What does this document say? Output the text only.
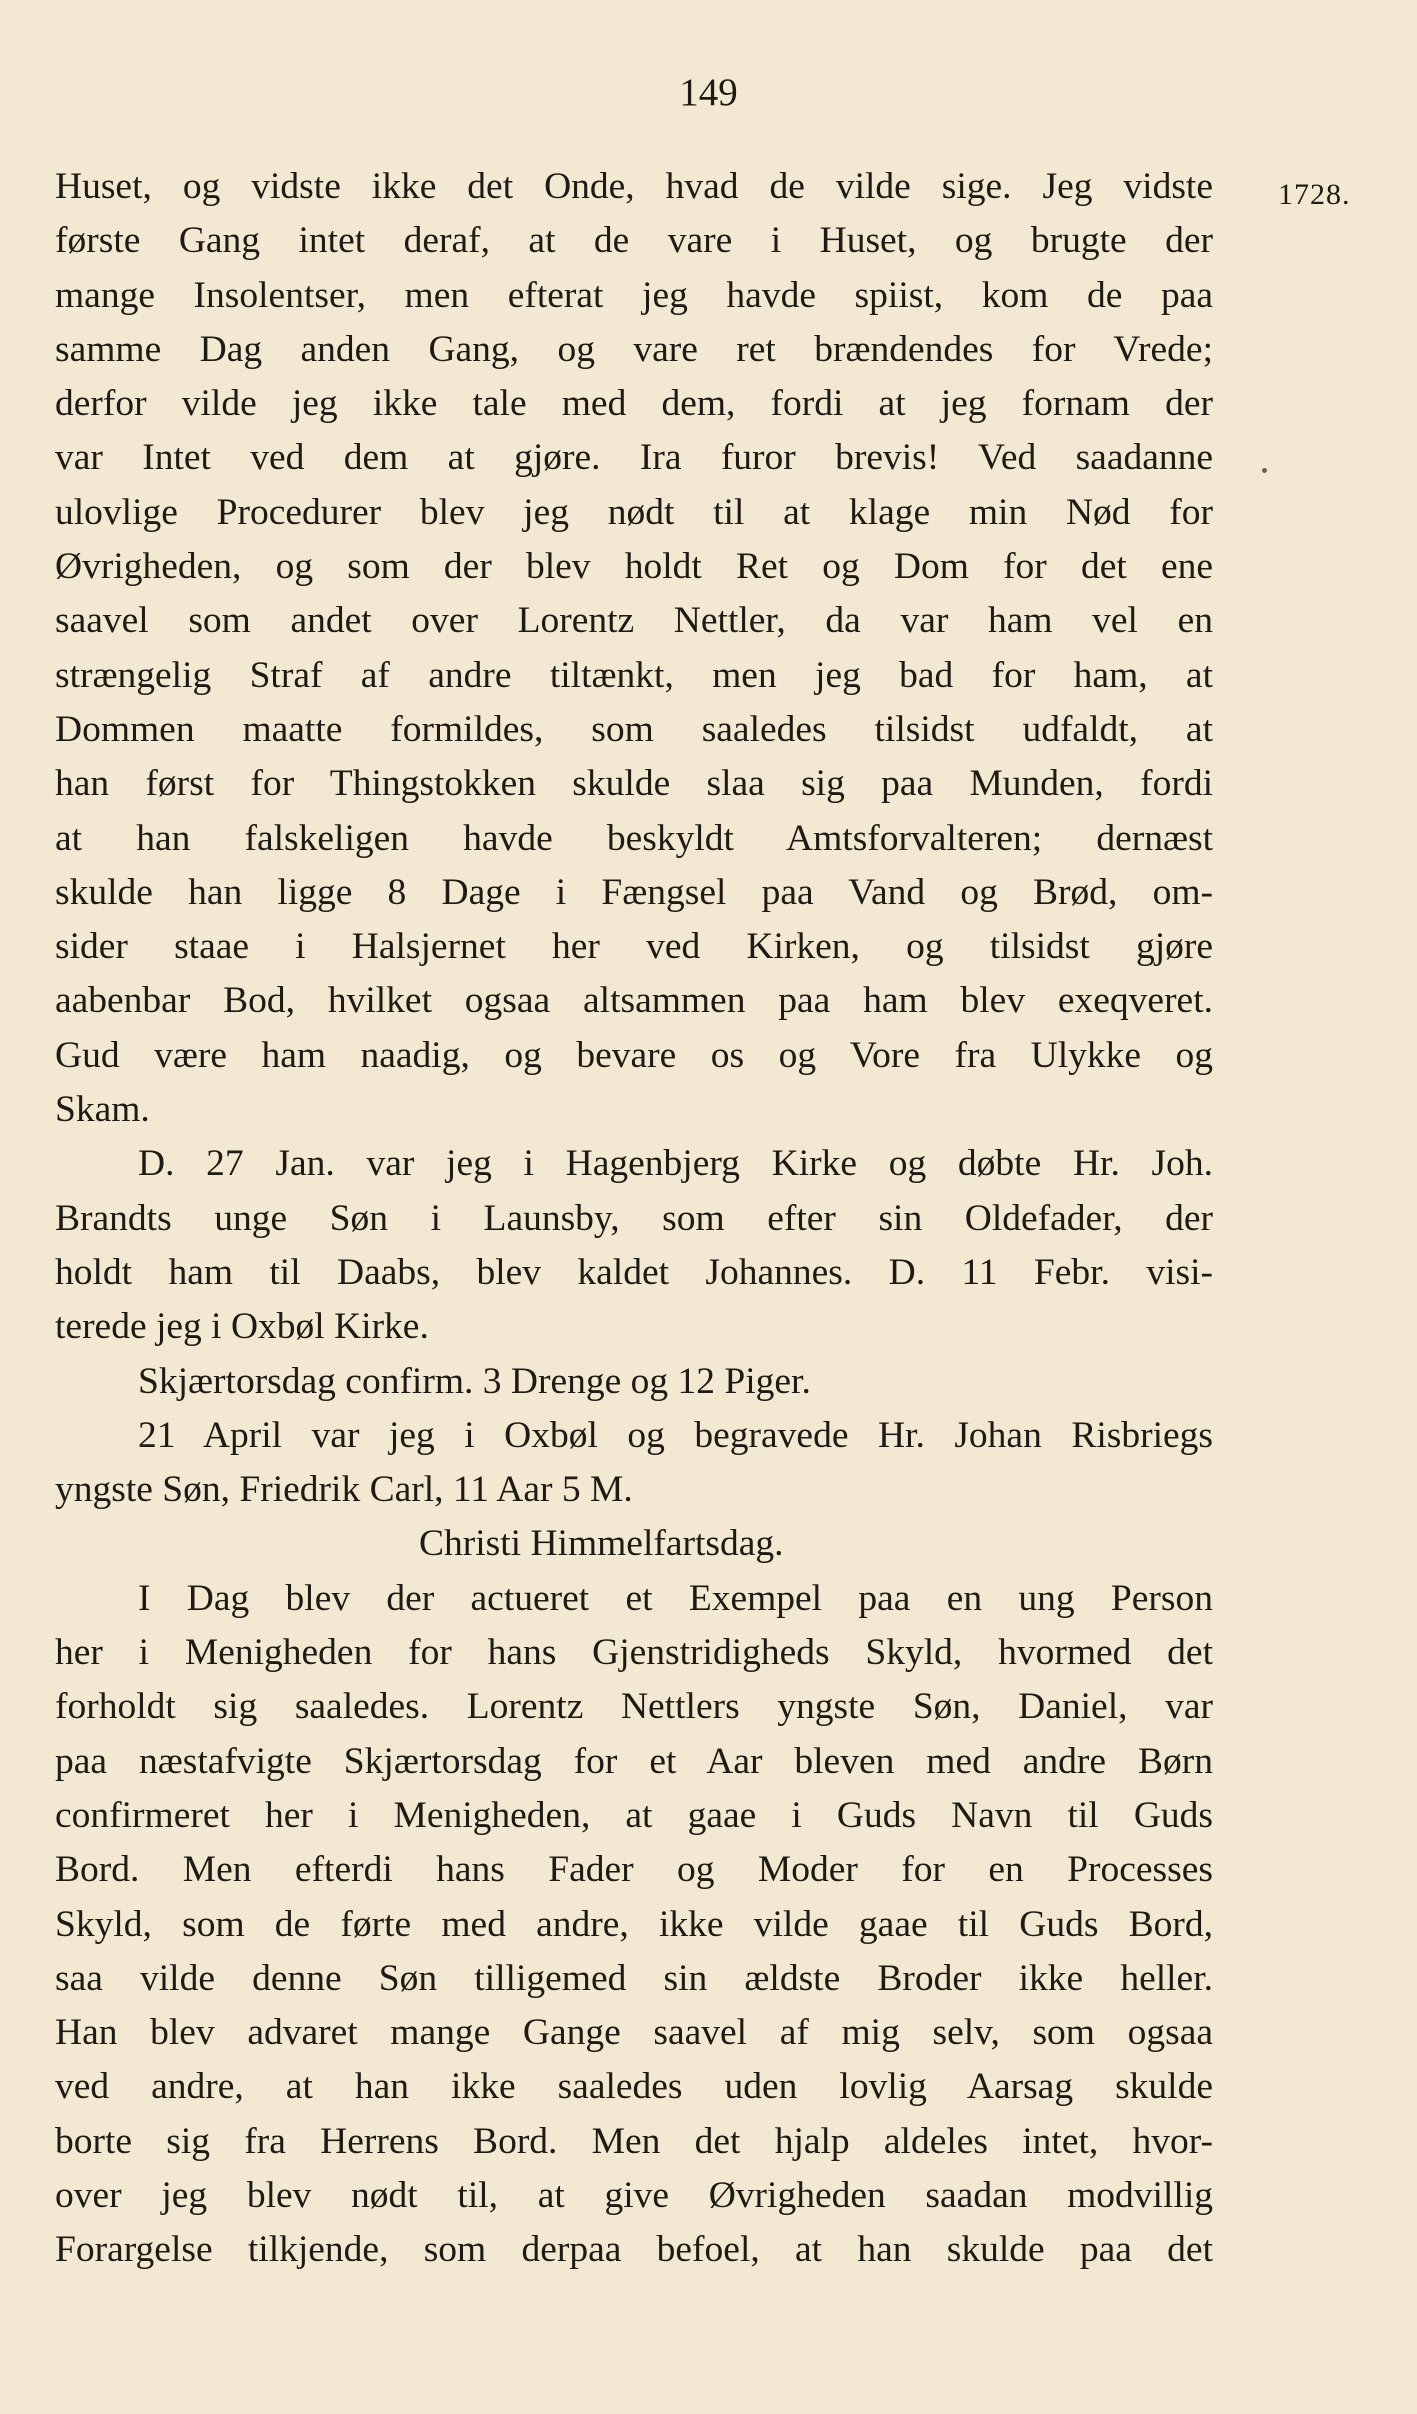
149
1728.
Huset, og vidste ikke det Onde, hvad de vilde sige. Jeg vidste
første Gang intet deraf, at de vare i Huset, og brugte der
mange Insolentser, men efterat jeg havde spiist, kom de paa
samme Dag anden Gang, og vare ret brændendes for Vrede;
derfor vilde jeg ikke tale med dem, fordi at jeg fornam der
var Intet ved dem at gjøre. Ira furor brevis! Ved saadanne
ulovlige Procedurer blev jeg nødt til at klage min Nød for
Øvrigheden, og som der blev holdt Ret og Dom for det ene
saavel som andet over Lorentz Nettler, da var ham vel en
strængelig Straf af andre tiltænkt, men jeg bad for ham, at
Dommen maatte formildes, som saaledes tilsidst udfaldt, at
han først for Thingstokken skulde slaa sig paa Munden, fordi
at han falskeligen havde beskyldt Amtsforvalteren; dernæst
skulde han ligge 8 Dage i Fængsel paa Vand og Brød, om-
sider staae i Halsjernet her ved Kirken, og tilsidst gjøre
aabenbar Bod, hvilket ogsaa altsammen paa ham blev exeqveret.
Gud være ham naadig, og bevare os og Vore fra Ulykke og
Skam.
D. 27 Jan. var jeg i Hagenbjerg Kirke og døbte Hr. Joh.
Brandts unge Søn i Launsby, som efter sin Oldefader, der
holdt ham til Daabs, blev kaldet Johannes. D. 11 Febr. visi-
terede jeg i Oxbøl Kirke.
Skjærtorsdag confirm. 3 Drenge og 12 Piger.
21 April var jeg i Oxbøl og begravede Hr. Johan Risbriegs
yngste Søn, Friedrik Carl, 11 Aar 5 M.
Christi Himmelfartsdag.
I Dag blev der actueret et Exempel paa en ung Person
her i Menigheden for hans Gjenstridigheds Skyld, hvormed det
forholdt sig saaledes. Lorentz Nettlers yngste Søn, Daniel, var
paa næstafvigte Skjærtorsdag for et Aar bleven med andre Børn
confirmeret her i Menigheden, at gaae i Guds Navn til Guds
Bord. Men efterdi hans Fader og Moder for en Processes
Skyld, som de førte med andre, ikke vilde gaae til Guds Bord,
saa vilde denne Søn tilligemed sin ældste Broder ikke heller.
Han blev advaret mange Gange saavel af mig selv, som ogsaa
ved andre, at han ikke saaledes uden lovlig Aarsag skulde
borte sig fra Herrens Bord. Men det hjalp aldeles intet, hvor-
over jeg blev nødt til, at give Øvrigheden saadan modvillig
Forargelse tilkjende, som derpaa befoel, at han skulde paa det
